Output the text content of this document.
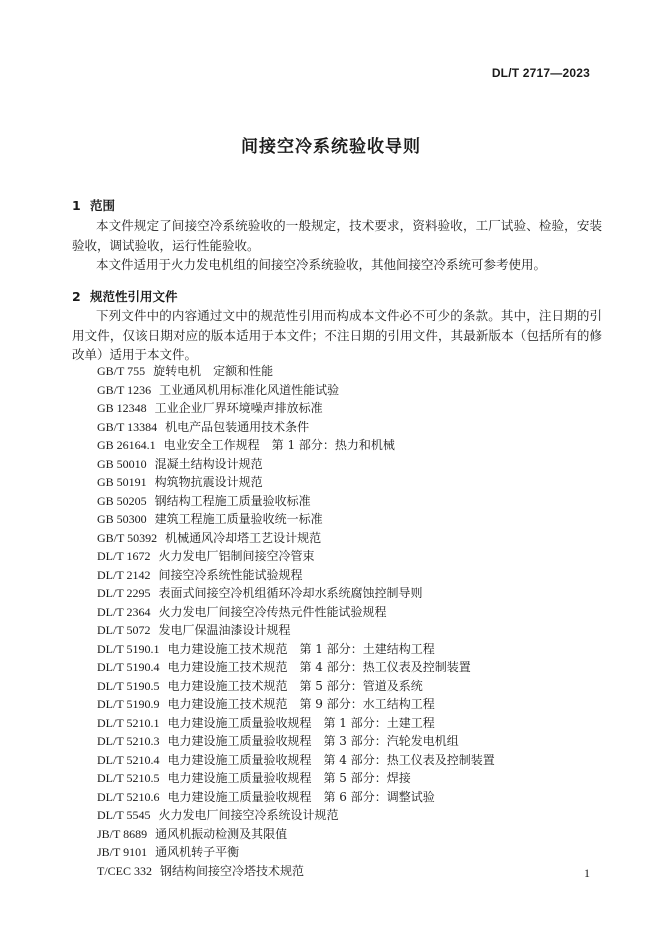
DL/T 2717—2023
间接空冷系统验收导则
1 范围
本文件规定了间接空冷系统验收的一般规定，技术要求，资料验收，工厂试验、检验，安装验收，调试验收，运行性能验收。
本文件适用于火力发电机组的间接空冷系统验收，其他间接空冷系统可参考使用。
2 规范性引用文件
下列文件中的内容通过文中的规范性引用而构成本文件必不可少的条款。其中，注日期的引用文件，仅该日期对应的版本适用于本文件；不注日期的引用文件，其最新版本（包括所有的修改单）适用于本文件。
GB/T 755 旋转电机　定额和性能
GB/T 1236 工业通风机用标准化风道性能试验
GB 12348 工业企业厂界环境噪声排放标准
GB/T 13384 机电产品包装通用技术条件
GB 26164.1 电业安全工作规程　第 1 部分：热力和机械
GB 50010 混凝土结构设计规范
GB 50191 构筑物抗震设计规范
GB 50205 钢结构工程施工质量验收标准
GB 50300 建筑工程施工质量验收统一标准
GB/T 50392 机械通风冷却塔工艺设计规范
DL/T 1672 火力发电厂铝制间接空冷管束
DL/T 2142 间接空冷系统性能试验规程
DL/T 2295 表面式间接空冷机组循环冷却水系统腐蚀控制导则
DL/T 2364 火力发电厂间接空冷传热元件性能试验规程
DL/T 5072 发电厂保温油漆设计规程
DL/T 5190.1 电力建设施工技术规范　第 1 部分：土建结构工程
DL/T 5190.4 电力建设施工技术规范　第 4 部分：热工仪表及控制装置
DL/T 5190.5 电力建设施工技术规范　第 5 部分：管道及系统
DL/T 5190.9 电力建设施工技术规范　第 9 部分：水工结构工程
DL/T 5210.1 电力建设施工质量验收规程　第 1 部分：土建工程
DL/T 5210.3 电力建设施工质量验收规程　第 3 部分：汽轮发电机组
DL/T 5210.4 电力建设施工质量验收规程　第 4 部分：热工仪表及控制装置
DL/T 5210.5 电力建设施工质量验收规程　第 5 部分：焊接
DL/T 5210.6 电力建设施工质量验收规程　第 6 部分：调整试验
DL/T 5545 火力发电厂间接空冷系统设计规范
JB/T 8689 通风机振动检测及其限值
JB/T 9101 通风机转子平衡
T/CEC 332 钢结构间接空冷塔技术规范	1
